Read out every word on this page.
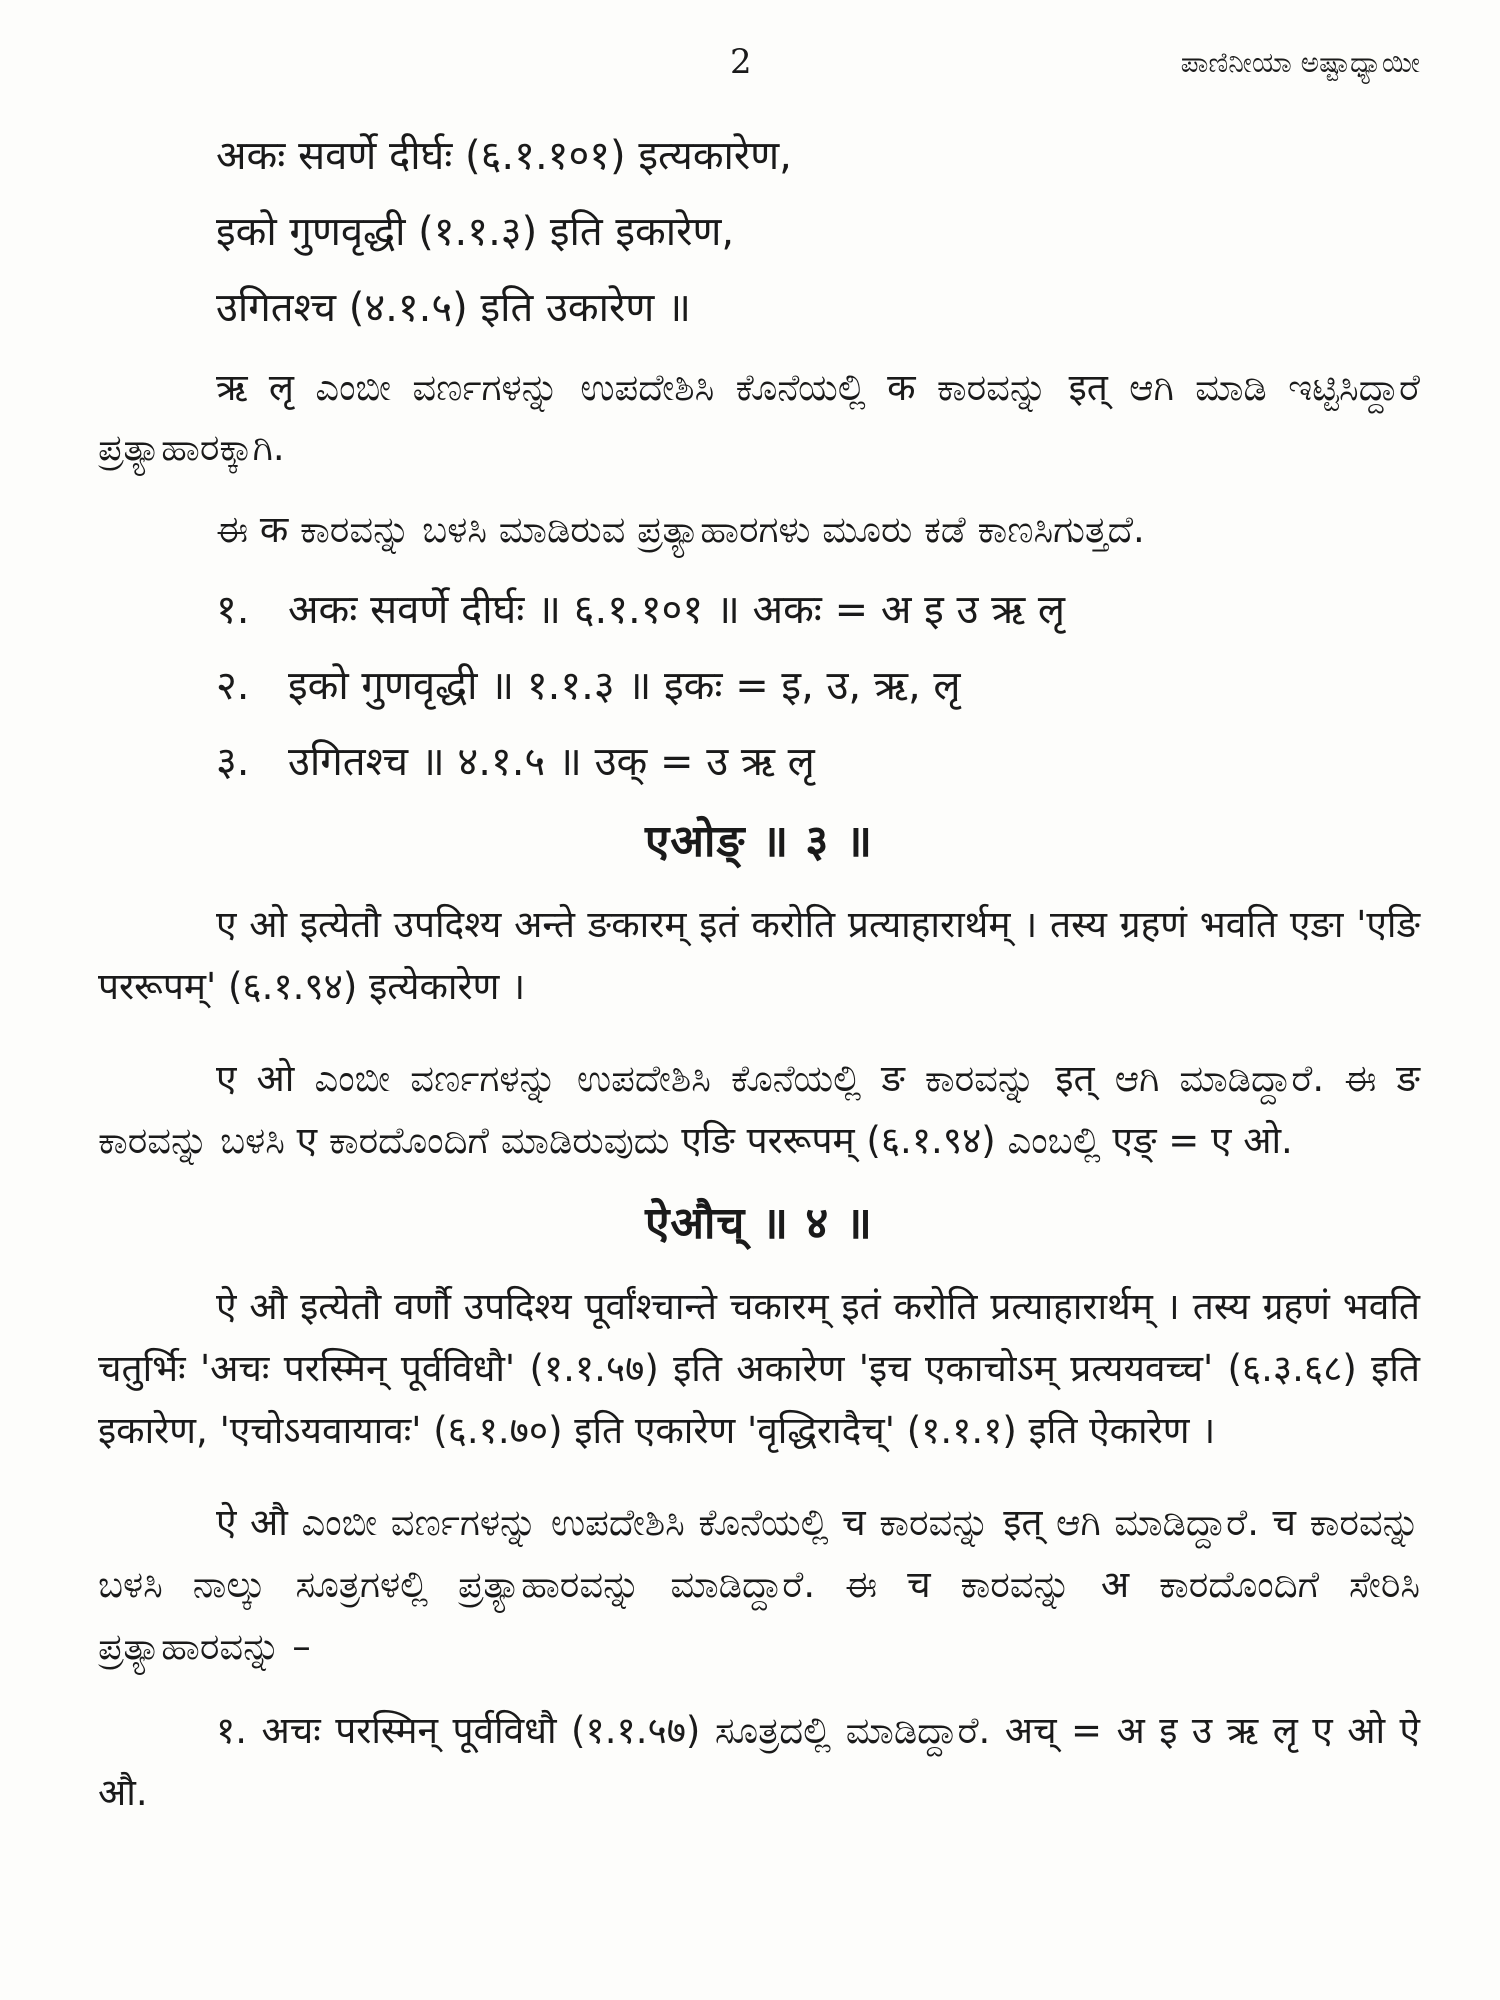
2	ಪಾಣಿನೀಯಾ ಅಷ್ಟಾಧ್ಯಾಯೀ
अकः सवर्णे दीर्घः (६.१.१०१) इत्यकारेण,
इको गुणवृद्धी (१.१.३) इति इकारेण,
उगितश्च (४.१.५) इति उकारेण ॥
ऋ लृ ಎಂಬೀ ವರ್ಣಗಳನ್ನು ಉಪದೇಶಿಸಿ ಕೊನೆಯಲ್ಲಿ क ಕಾರವನ್ನು इत् ಆಗಿ ಮಾಡಿ ಇಟ್ಟಿಸಿದ್ದಾರೆ ಪ್ರತ್ಯಾಹಾರಕ್ಕಾಗಿ.
ಈ क ಕಾರವನ್ನು ಬಳಸಿ ಮಾಡಿರುವ ಪ್ರತ್ಯಾಹಾರಗಳು ಮೂರು ಕಡೆ ಕಾಣಸಿಗುತ್ತದೆ.
१. अकः सवर्णे दीर्घः ॥ ६.१.१०१ ॥ अकः = अ इ उ ऋ लृ
२. इको गुणवृद्धी ॥ १.१.३ ॥ इकः = इ, उ, ऋ, लृ
३. उगितश्च ॥ ४.१.५ ॥ उक् = उ ऋ लृ
एओङ् ॥ ३ ॥
ए ओ इत्येतौ उपदिश्य अन्ते ङकारम् इतं करोति प्रत्याहारार्थम् । तस्य ग्रहणं भवति एङा 'एङि पररूपम्' (६.१.९४) इत्येकारेण ।
ए ओ ಎಂಬೀ ವರ್ಣಗಳನ್ನು ಉಪದೇಶಿಸಿ ಕೊನೆಯಲ್ಲಿ ङ ಕಾರವನ್ನು इत् ಆಗಿ ಮಾಡಿದ್ದಾರೆ. ಈ ङ ಕಾರವನ್ನು ಬಳಸಿ ए ಕಾರದೊಂದಿಗೆ ಮಾಡಿರುವುದು एङि पररूपम् (६.१.९४) ಎಂಬಲ್ಲಿ एङ् = ए ओ.
ऐऔच् ॥ ४ ॥
ऐ औ इत्येतौ वर्णौ उपदिश्य पूर्वांश्चान्ते चकारम् इतं करोति प्रत्याहारार्थम् । तस्य ग्रहणं भवति चतुर्भिः 'अचः परस्मिन् पूर्वविधौ' (१.१.५७) इति अकारेण 'इच एकाचोऽम् प्रत्ययवच्च' (६.३.६८) इति इकारेण, 'एचोऽयवायावः' (६.१.७०) इति एकारेण 'वृद्धिरादैच्' (१.१.१) इति ऐकारेण ।
ऐ औ ಎಂಬೀ ವರ್ಣಗಳನ್ನು ಉಪದೇಶಿಸಿ ಕೊನೆಯಲ್ಲಿ च ಕಾರವನ್ನು इत् ಆಗಿ ಮಾಡಿದ್ದಾರೆ. च ಕಾರವನ್ನು ಬಳಸಿ ನಾಲ್ಕು ಸೂತ್ರಗಳಲ್ಲಿ ಪ್ರತ್ಯಾಹಾರವನ್ನು ಮಾಡಿದ್ದಾರೆ. ಈ च ಕಾರವನ್ನು अ ಕಾರದೊಂದಿಗೆ ಸೇರಿಸಿ ಪ್ರತ್ಯಾಹಾರವನ್ನು –
१. अचः परस्मिन् पूर्वविधौ (१.१.५७) ಸೂತ್ರದಲ್ಲಿ ಮಾಡಿದ್ದಾರೆ. अच् = अ इ उ ऋ लृ ए ओ ऐ औ.
